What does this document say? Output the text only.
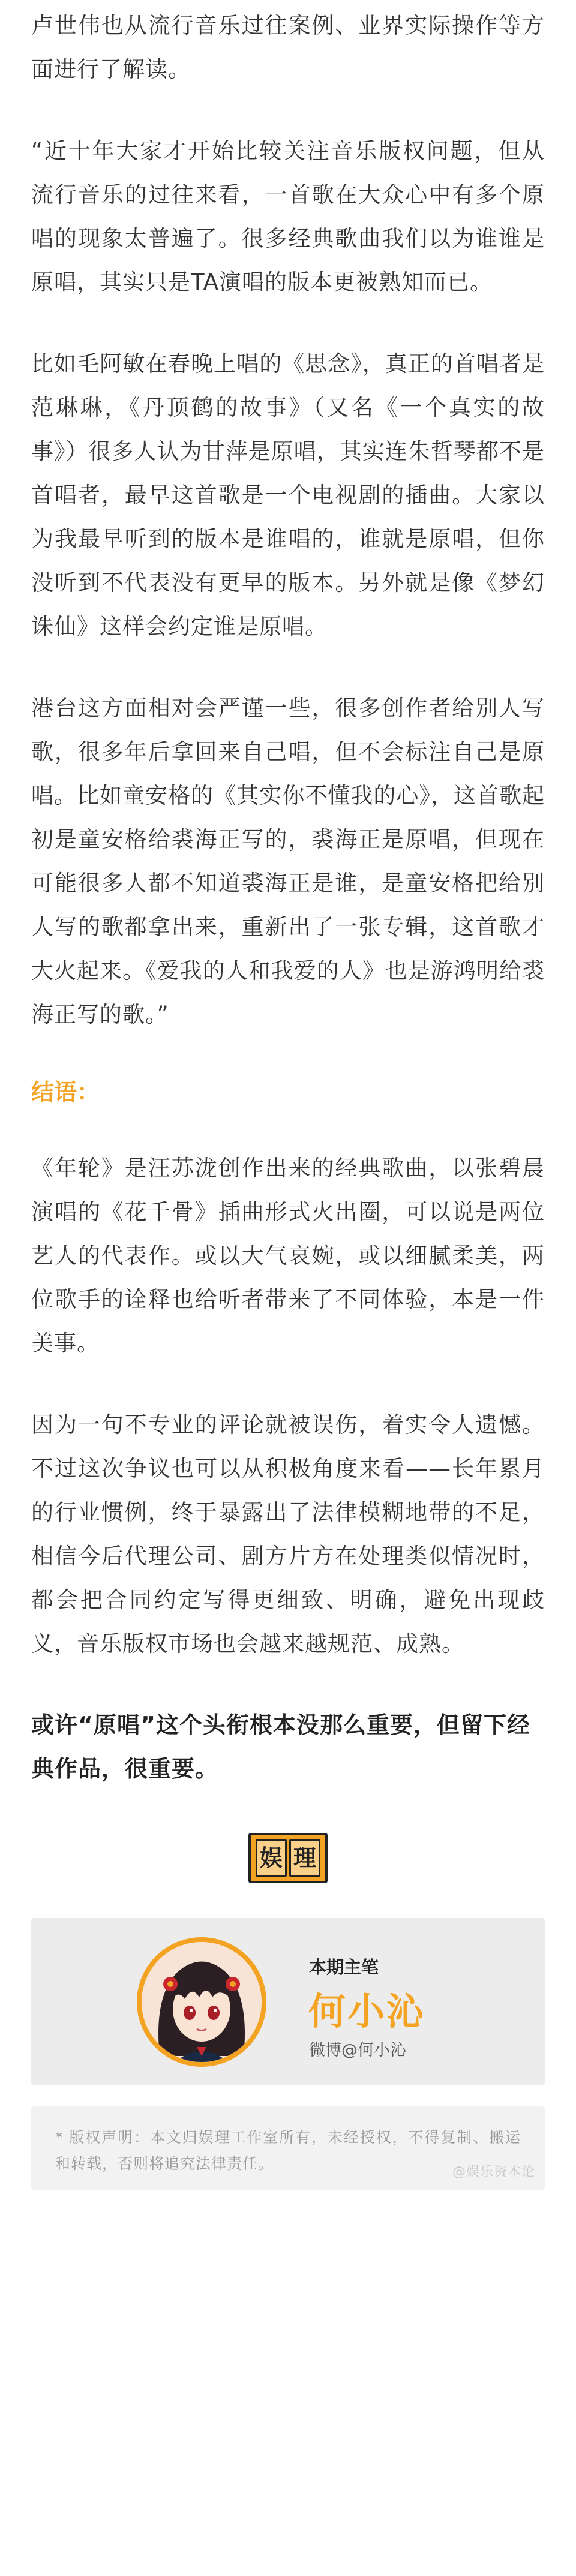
卢世伟也从流行音乐过往案例、业界实际操作等方面进行了解读。

“近十年大家才开始比较关注音乐版权问题，但从流行音乐的过往来看，一首歌在大众心中有多个原唱的现象太普遍了。很多经典歌曲我们以为谁谁是原唱，其实只是TA演唱的版本更被熟知而已。

比如毛阿敏在春晚上唱的《思念》，真正的首唱者是范琳琳，《丹顶鹤的故事》（又名《一个真实的故事》）很多人认为甘萍是原唱，其实连朱哲琴都不是首唱者，最早这首歌是一个电视剧的插曲。大家以为我最早听到的版本是谁唱的，谁就是原唱，但你没听到不代表没有更早的版本。另外就是像《梦幻诛仙》这样会约定谁是原唱。

港台这方面相对会严谨一些，很多创作者给别人写歌，很多年后拿回来自己唱，但不会标注自己是原唱。比如童安格的《其实你不懂我的心》，这首歌起初是童安格给裘海正写的，裘海正是原唱，但现在可能很多人都不知道裘海正是谁，是童安格把给别人写的歌都拿出来，重新出了一张专辑，这首歌才大火起来。《爱我的人和我爱的人》也是游鸿明给裘海正写的歌。”

结语：

《年轮》是汪苏泷创作出来的经典歌曲，以张碧晨演唱的《花千骨》插曲形式火出圈，可以说是两位艺人的代表作。或以大气哀婉，或以细腻柔美，两位歌手的诠释也给听者带来了不同体验，本是一件美事。

因为一句不专业的评论就被误伤，着实令人遗憾。不过这次争议也可以从积极角度来看——长年累月的行业惯例，终于暴露出了法律模糊地带的不足，相信今后代理公司、剧方片方在处理类似情况时，都会把合同约定写得更细致、明确，避免出现歧义，音乐版权市场也会越来越规范、成熟。

或许“原唱”这个头衔根本没那么重要，但留下经典作品，很重要。

娱 理
本期主笔
何小沁
微博@何小沁
* 版权声明：本文归娱理工作室所有，未经授权，不得复制、搬运和转载，否则将追究法律责任。	@娱乐资本论
